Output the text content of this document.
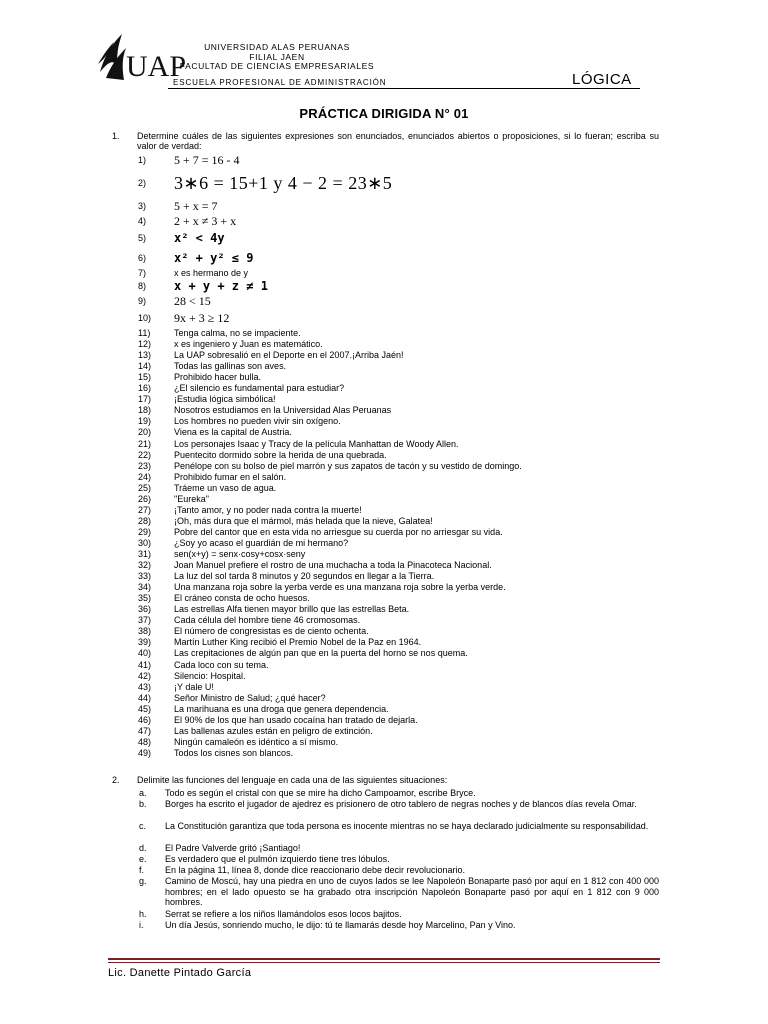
UAP
UNIVERSIDAD ALAS PERUANAS
FILIAL JAEN
FACULTAD DE CIENCIAS EMPRESARIALES
ESCUELA PROFESIONAL DE ADMINISTRACIÓN	LÓGICA
PRÁCTICA DIRIGIDA N° 01
1. Determine cuáles de las siguientes expresiones son enunciados, enunciados abiertos o proposiciones, si lo fueran; escriba su valor de verdad:
1)	5 + 7 = 16 - 4
2)	3∗6 = 15+1 y 4 − 2 = 23∗5
3)	5 + x = 7
4)	2 + x ≠ 3 + x
5)	x² < 4y
6)	x² + y² ≤ 9
7)	x es hermano de y
8)	x + y + z ≠ 1
9)	28 < 15
10)	9x + 3 ≥ 12
11)	Tenga calma, no se impaciente.
12)	x es ingeniero y Juan es matemático.
13)	La UAP sobresalió en el Deporte en el 2007.¡Arriba Jaén!
14)	Todas las gallinas son aves.
15)	Prohibido hacer bulla.
16)	¿El silencio es fundamental para estudiar?
17)	¡Estudia lógica simbólica!
18)	Nosotros estudiamos en la Universidad Alas Peruanas
19)	Los hombres no pueden vivir sin oxígeno.
20)	Viena es la capital de Austria.
21)	Los personajes Isaac y Tracy de la película Manhattan de Woody Allen.
22)	Puentecito dormido sobre la herida de una quebrada.
23)	Penélope con su bolso de piel marrón y sus zapatos de tacón y su vestido de domingo.
24)	Prohibido fumar en el salón.
25)	Tráeme un vaso de agua.
26)	"Eureka"
27)	¡Tanto amor, y no poder nada contra la muerte!
28)	¡Oh, más dura que el mármol, más helada que la nieve, Galatea!
29)	Pobre del cantor que en esta vida no arriesgue su cuerda por no arriesgar su vida.
30)	¿Soy yo acaso el guardián de mi hermano?
31)	sen(x+y) = senx·cosy+cosx·seny
32)	Joan Manuel prefiere el rostro de una muchacha a toda la Pinacoteca Nacional.
33)	La luz del sol tarda 8 minutos y 20 segundos en llegar a la Tierra.
34)	Una manzana roja sobre la yerba verde es una manzana roja sobre la yerba verde.
35)	El cráneo consta de ocho huesos.
36)	Las estrellas Alfa tienen mayor brillo que las estrellas Beta.
37)	Cada célula del hombre tiene 46 cromosomas.
38)	El número de congresistas es de ciento ochenta.
39)	Martín Luther King recibió el Premio Nobel de la Paz en 1964.
40)	Las crepitaciones de algún pan que en la puerta del horno se nos quema.
41)	Cada loco con su tema.
42)	Silencio: Hospital.
43)	¡Y dale U!
44)	Señor Ministro de Salud; ¿qué hacer?
45)	La marihuana es una droga que genera dependencia.
46)	El 90% de los que han usado cocaína han tratado de dejarla.
47)	Las ballenas azules están en peligro de extinción.
48)	Ningún camaleón es idéntico a sí mismo.
49)	Todos los cisnes son blancos.
2. Delimite las funciones del lenguaje en cada una de las siguientes situaciones:
a. Todo es según el cristal con que se mire ha dicho Campoamor, escribe Bryce.
b. Borges ha escrito el jugador de ajedrez es prisionero de otro tablero de negras noches y de blancos días revela Omar.
c. La Constitución garantiza que toda persona es inocente mientras no se haya declarado judicialmente su responsabilidad.
d. El Padre Valverde gritó ¡Santiago!
e. Es verdadero que el pulmón izquierdo tiene tres lóbulos.
f. En la página 11, línea 8, donde dice reaccionario debe decir revolucionario.
g. Camino de Moscú, hay una piedra en uno de cuyos lados se lee Napoleón Bonaparte pasó por aquí en 1 812 con 400 000 hombres; en el lado opuesto se ha grabado otra inscripción Napoleón Bonaparte pasó por aquí en 1 812 con 9 000 hombres.
h. Serrat se refiere a los niños llamándolos esos locos bajitos.
i. Un día Jesús, sonriendo mucho, le dijo: tú te llamarás desde hoy Marcelino, Pan y Vino.
Lic. Danette Pintado García
